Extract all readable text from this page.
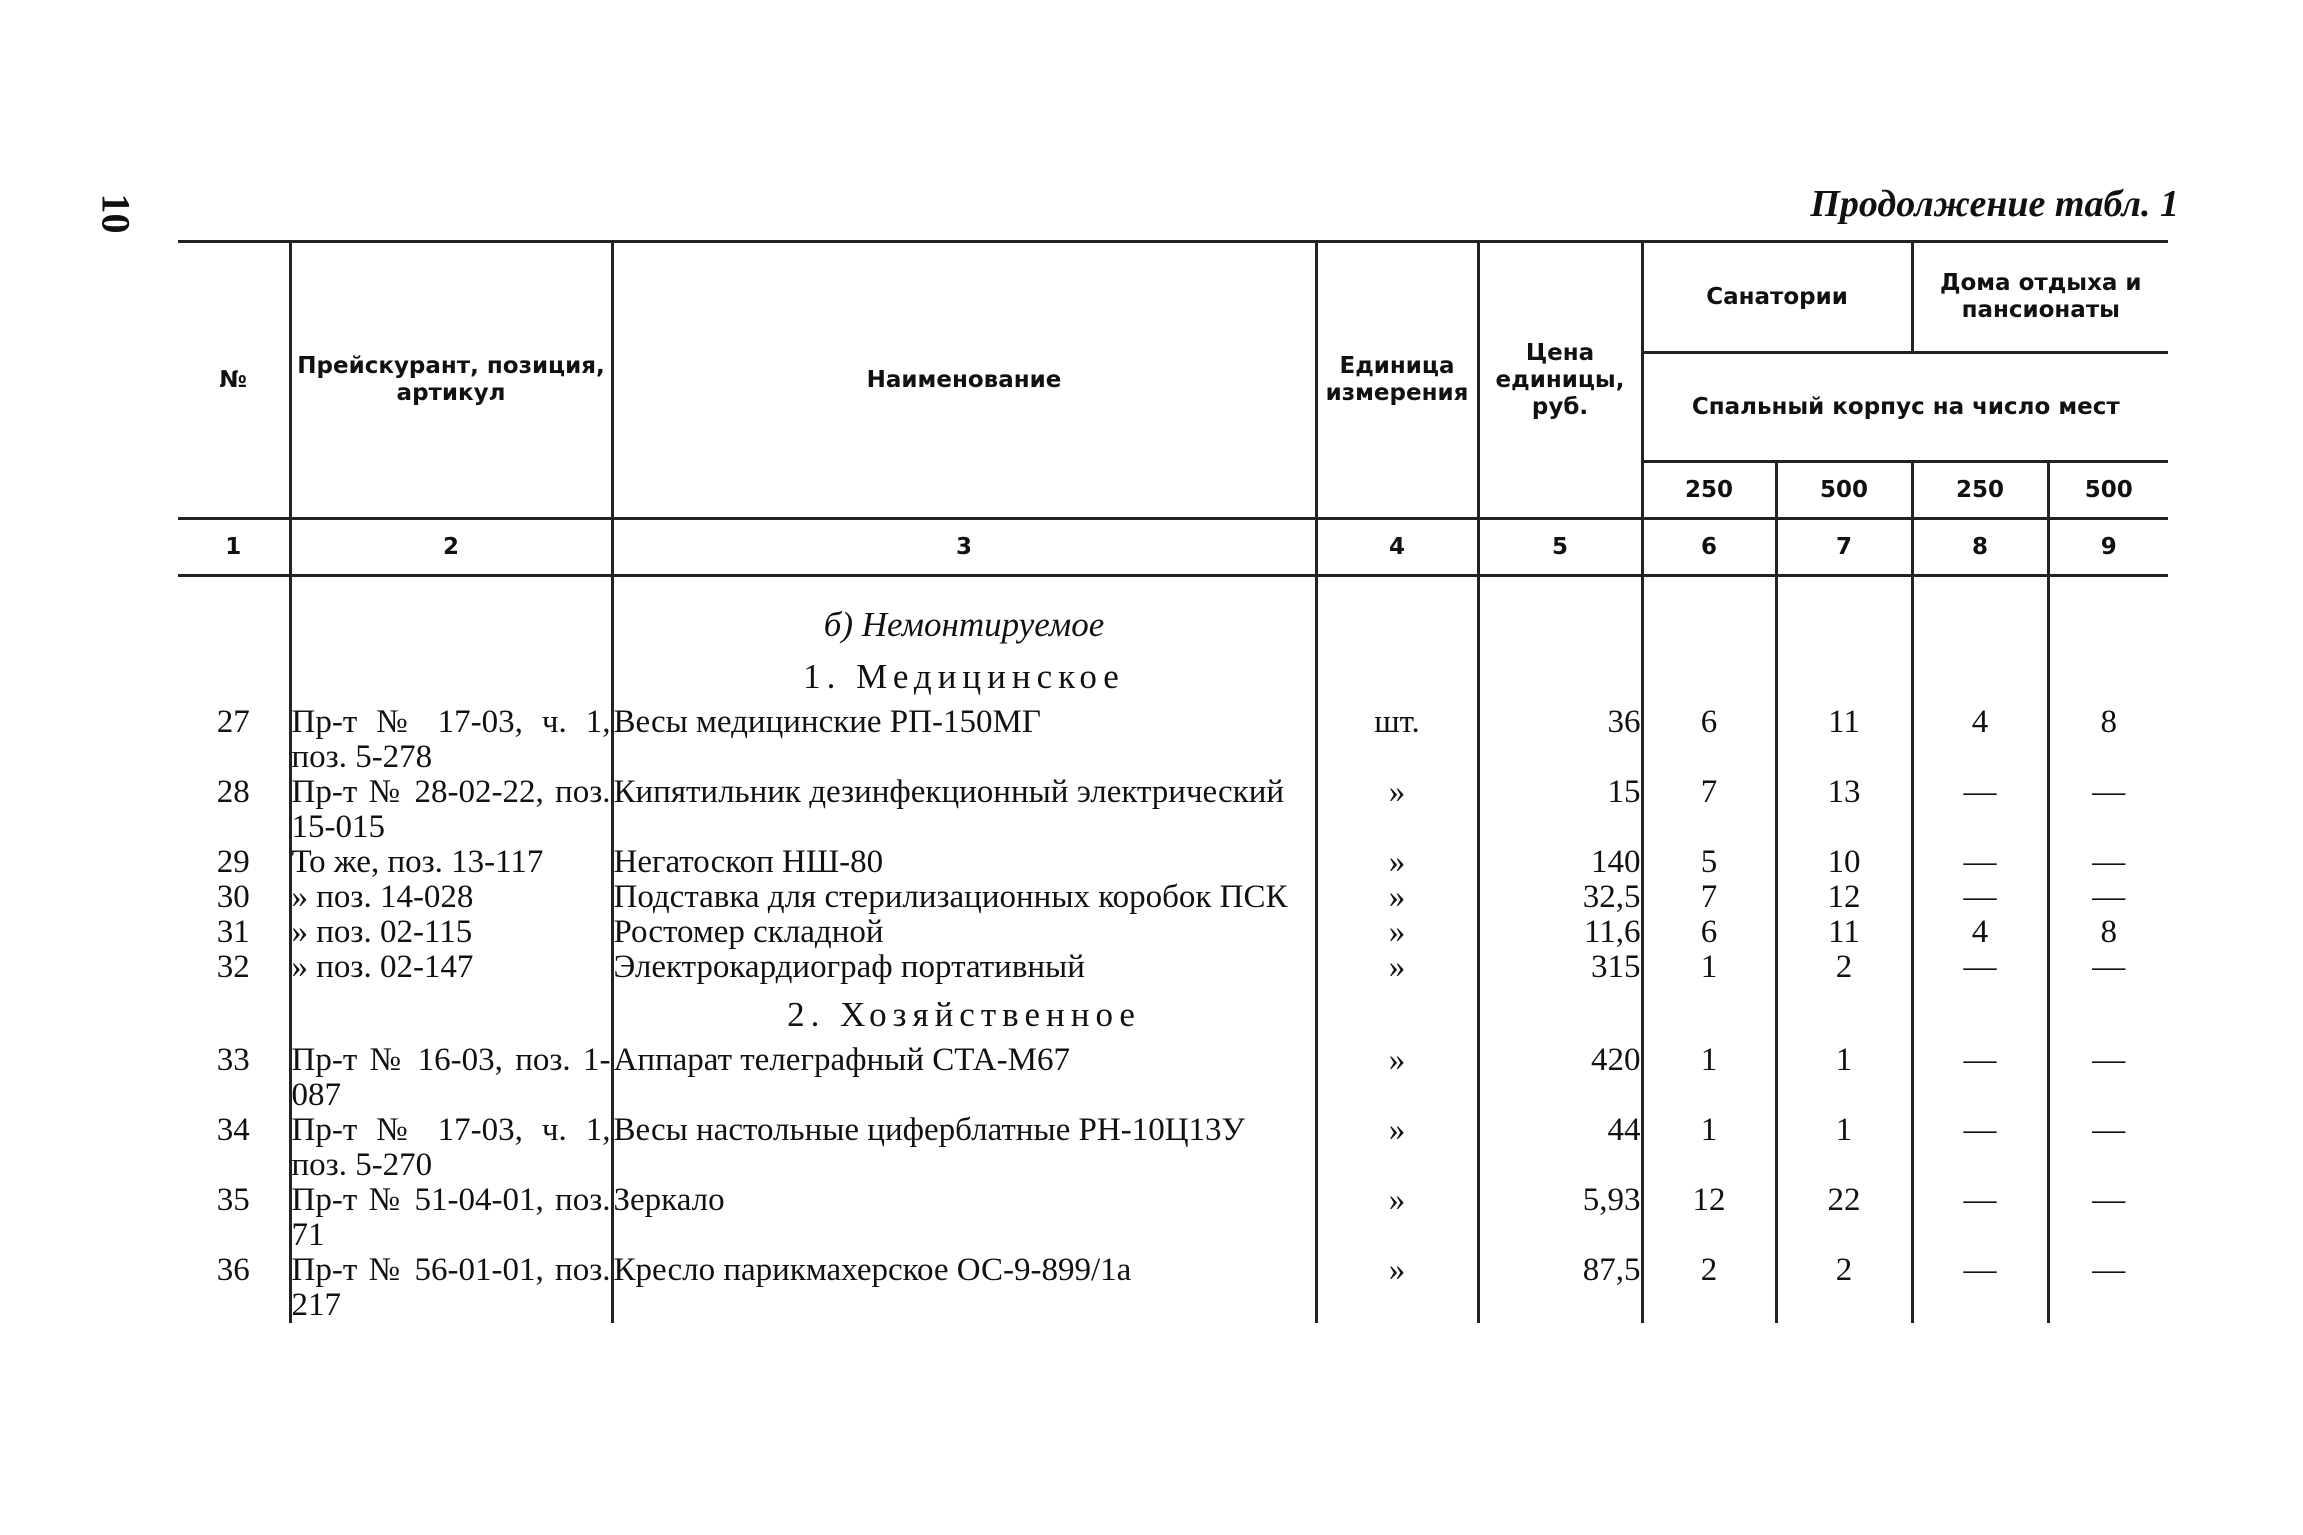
10	Продолжение табл. 1
№	Прейскурант, позиция, артикул	Наименование	Единица измерения	Цена единицы, руб.	Санатории		Дома отдыха и пансионаты	
					Спальный корпус на число мест			
					250	500	250	500
1	2	3	4	5	6	7	8	9

		б) Немонтируемое						
		1. Медицинское						
27	Пр-т № 17-03, ч. 1, поз. 5-278	Весы медицинские РП-150МГ	шт.	36	6	11	4	8
28	Пр-т № 28-02-22, поз. 15-015	Кипятильник дезинфекционный электрический	»	15	7	13	—	—
29	То же, поз. 13-117	Негатоскоп НШ-80	»	140	5	10	—	—
30	» поз. 14-028	Подставка для стерилизационных коробок ПСК	»	32,5	7	12	—	—
31	» поз. 02-115	Ростомер складной	»	11,6	6	11	4	8
32	» поз. 02-147	Электрокардиограф портативный	»	315	1	2	—	—
		2. Хозяйственное						
33	Пр-т № 16-03, поз. 1-087	Аппарат телеграфный СТА-М67	»	420	1	1	—	—
34	Пр-т № 17-03, ч. 1, поз. 5-270	Весы настольные циферблатные РН-10Ц13У	»	44	1	1	—	—
35	Пр-т № 51-04-01, поз. 71	Зеркало	»	5,93	12	22	—	—
36	Пр-т № 56-01-01, поз. 217	Кресло парикмахерское ОС-9-899/1а	»	87,5	2	2	—	—
